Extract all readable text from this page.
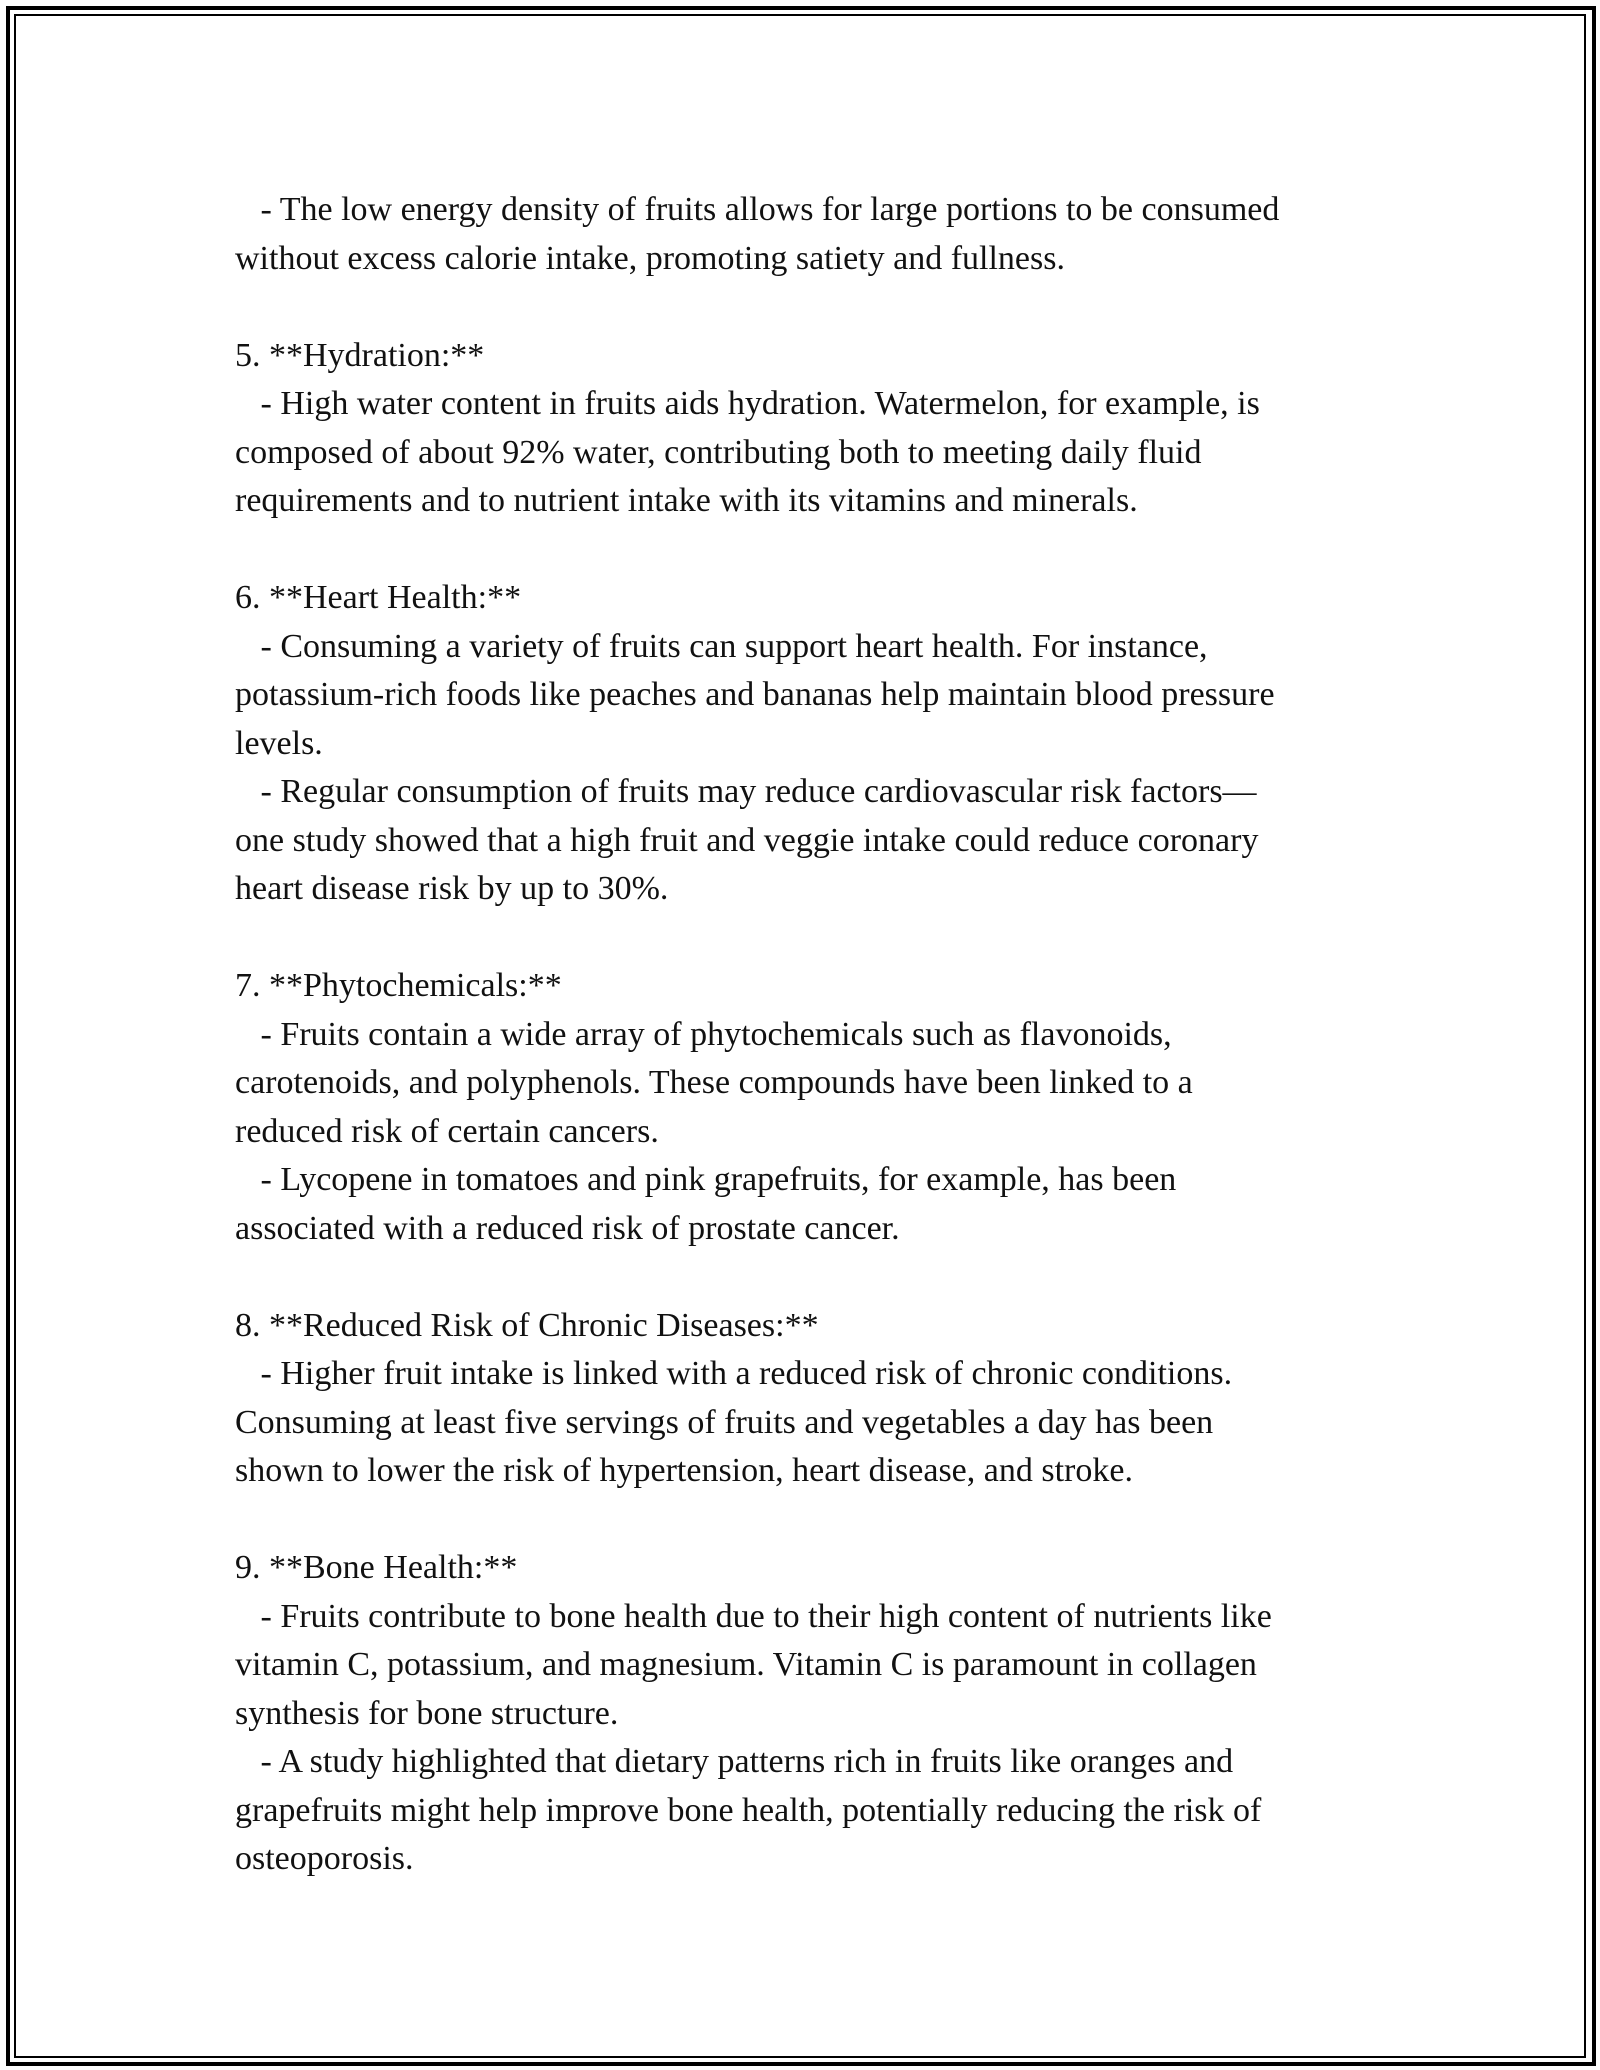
- The low energy density of fruits allows for large portions to be consumed

without excess calorie intake, promoting satiety and fullness.

5. **Hydration:**

- High water content in fruits aids hydration. Watermelon, for example, is

composed of about 92% water, contributing both to meeting daily fluid

requirements and to nutrient intake with its vitamins and minerals.

6. **Heart Health:**

- Consuming a variety of fruits can support heart health. For instance,

potassium-rich foods like peaches and bananas help maintain blood pressure

levels.

- Regular consumption of fruits may reduce cardiovascular risk factors—

one study showed that a high fruit and veggie intake could reduce coronary

heart disease risk by up to 30%.

7. **Phytochemicals:**

- Fruits contain a wide array of phytochemicals such as flavonoids,

carotenoids, and polyphenols. These compounds have been linked to a

reduced risk of certain cancers.

- Lycopene in tomatoes and pink grapefruits, for example, has been

associated with a reduced risk of prostate cancer.

8. **Reduced Risk of Chronic Diseases:**

- Higher fruit intake is linked with a reduced risk of chronic conditions.

Consuming at least five servings of fruits and vegetables a day has been

shown to lower the risk of hypertension, heart disease, and stroke.

9. **Bone Health:**

- Fruits contribute to bone health due to their high content of nutrients like

vitamin C, potassium, and magnesium. Vitamin C is paramount in collagen

synthesis for bone structure.

- A study highlighted that dietary patterns rich in fruits like oranges and

grapefruits might help improve bone health, potentially reducing the risk of

osteoporosis.
